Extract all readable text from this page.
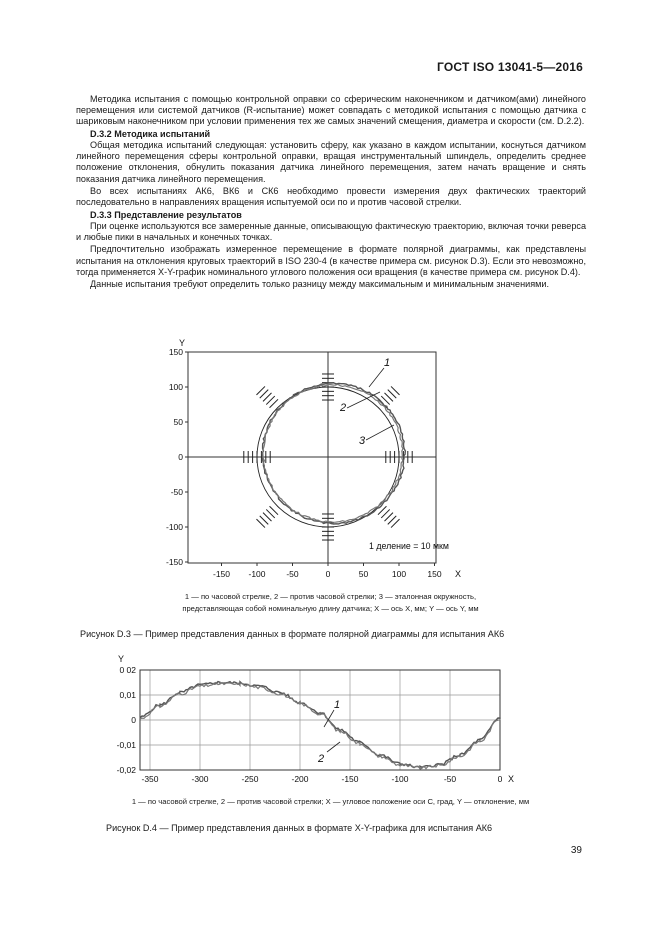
ГОСТ ISO 13041-5—2016

Методика испытания с помощью контрольной оправки со сферическим наконечником и датчиком(ами) линейного перемещения или системой датчиков (R-испытание) может совпадать с методикой испытания с помощью датчика с шариковым наконечником при условии применения тех же самых значений смещения, диаметра и скорости (см. D.2.2).

D.3.2 Методика испытаний

Общая методика испытаний следующая: установить сферу, как указано в каждом испытании, коснуться датчиком линейного перемещения сферы контрольной оправки, вращая инструментальный шпиндель, определить среднее положение отклонения, обнулить показания датчика линейного перемещения, затем начать вращение и снять показания датчика линейного перемещения.

Во всех испытаниях АК6, ВК6 и СК6 необходимо провести измерения двух фактических траекторий последовательно в направлениях вращения испытуемой оси по и против часовой стрелки.

D.3.3 Представление результатов

При оценке используются все замеренные данные, описывающую фактическую траекторию, включая точки реверса и любые пики в начальных и конечных точках.

Предпочтительно изображать измеренное перемещение в формате полярной диаграммы, как представлены испытания на отклонения круговых траекторий в ISO 230-4 (в качестве примера см. рисунок D.3). Если это невозможно, тогда применяется X-Y-график номинального углового положения оси вращения (в качестве примера см. рисунок D.4).

Данные испытания требуют определить только разницу между максимальным и минимальным значениями.

-150 -100 -50	0	50	100	150
150
100
50
0
-50
-100
-150
Y
X
1
2
3
1 деление = 10 мкм
1 — по часовой стрелке, 2 — против часовой стрелки; 3 — эталонная окружность,
представляющая собой номинальную длину датчика; X — ось X, мм; Y — ось Y, мм
Рисунок D.3 — Пример представления данных в формате полярной диаграммы для испытания АК6
-350	-300	-250	-200	-150	-100	-50	0
0 02
0,01
0
-0,01
-0,02
Y
X
1
2
1 — по часовой стрелке, 2 — против часовой стрелки; X — угловое положение оси С, град, Y — отклонение, мм
Рисунок D.4 — Пример представления данных в формате X-Y-графика для испытания АК6
39
